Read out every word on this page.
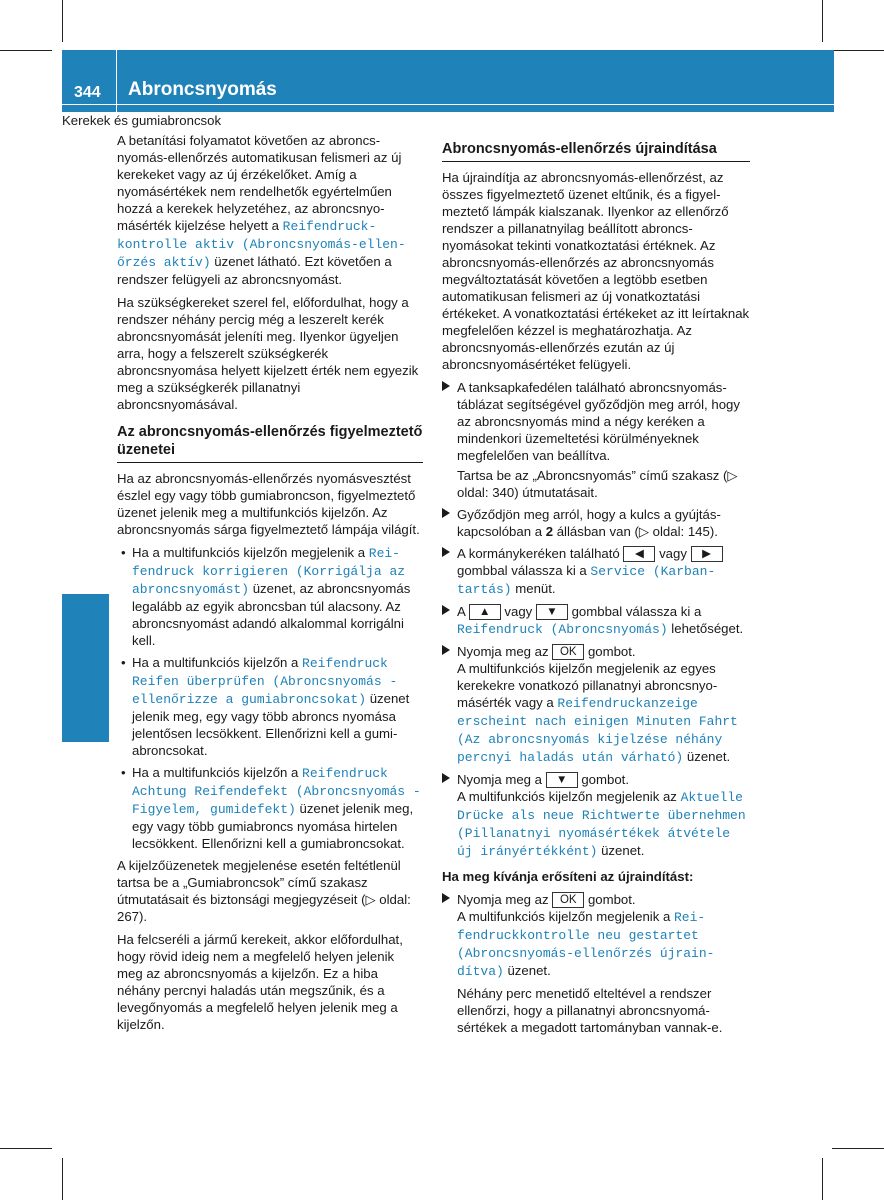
344 Abroncsnyomás
Kerekek és gumiabroncsok

A betanítási folyamatot követően az abroncsnyomás-ellenőrzés automatikusan felismeri az új kerekeket vagy az új érzékelőket. Amíg a nyomásértékek nem rendelhetők egyértelműen hozzá a kerekek helyzetéhez, az abroncsnyomásérték kijelzése helyett a Reifendruckkontrolle aktiv (Abroncsnyomás-ellenőrzés aktív) üzenet látható. Ezt követően a rendszer felügyeli az abroncsnyomást.

Ha szükségkereket szerel fel, előfordulhat, hogy a rendszer néhány percig még a leszerelt kerék abroncsnyomását jeleníti meg. Ilyenkor ügyeljen arra, hogy a felszerelt szükségkerék abroncsnyomása helyett kijelzett érték nem egyezik meg a szükségkerék pillanatnyi abroncsnyomásával.

Az abroncsnyomás-ellenőrzés figyelmeztető üzenetei

Ha az abroncsnyomás-ellenőrzés nyomásvesztést észlel egy vagy több gumiabroncson, figyelmeztető üzenet jelenik meg a multifunkciós kijelzőn. Az abroncsnyomás sárga figyelmeztető lámpája világít.

• Ha a multifunkciós kijelzőn megjelenik a Reifendruck korrigieren (Korrigálja az abroncsnyomást) üzenet, az abroncsnyomás legalább az egyik abroncsban túl alacsony. Az abroncsnyomást adandó alkalommal korrigálni kell.
• Ha a multifunkciós kijelzőn a Reifendruck Reifen überprüfen (Abroncsnyomás - ellenőrizze a gumiabroncsokat) üzenet jelenik meg, egy vagy több abroncs nyomása jelentősen lecsökkent. Ellenőrizni kell a gumiabroncsokat.
• Ha a multifunkciós kijelzőn a Reifendruck Achtung Reifendefekt (Abroncsnyomás - Figyelem, gumidefekt) üzenet jelenik meg, egy vagy több gumiabroncs nyomása hirtelen lecsökkent. Ellenőrizni kell a gumiabroncsokat.

A kijelzőüzenetek megjelenése esetén feltétlenül tartsa be a „Gumiabroncsok” című szakasz útmutatásait és biztonsági megjegyzéseit (▷ oldal: 267).

Ha felcseréli a jármű kerekeit, akkor előfordulhat, hogy rövid ideig nem a megfelelő helyen jelenik meg az abroncsnyomás a kijelzőn. Ez a hiba néhány percnyi haladás után megszűnik, és a levegőnyomás a megfelelő helyen jelenik meg a kijelzőn.

Abroncsnyomás-ellenőrzés újraindítása

Ha újraindítja az abroncsnyomás-ellenőrzést, az összes figyelmeztető üzenet eltűnik, és a figyelmeztető lámpák kialszanak. Ilyenkor az ellenőrző rendszer a pillanatnyilag beállított abroncsnyomásokat tekinti vonatkoztatási értéknek. Az abroncsnyomás-ellenőrzés az abroncsnyomás megváltoztatását követően a legtöbb esetben automatikusan felismeri az új vonatkoztatási értékeket. A vonatkoztatási értékeket az itt leírtaknak megfelelően kézzel is meghatározhatja. Az abroncsnyomás-ellenőrzés ezután az új abroncsnyomásértéket felügyeli.

A tanksapkafedélen található abroncsnyomás-táblázat segítségével győződjön meg arról, hogy az abroncsnyomás mind a négy keréken a mindenkori üzemeltetési körülményeknek megfelelően van beállítva.
Tartsa be az „Abroncsnyomás” című szakasz (▷ oldal: 340) útmutatásait.
Győződjön meg arról, hogy a kulcs a gyújtáskapcsolóban a 2 állásban van (▷ oldal: 145).
A kormánykeréken található ◀ vagy ▶ gombbal válassza ki a Service (Karbantartás) menüt.
A ▲ vagy ▼ gombbal válassza ki a Reifendruck (Abroncsnyomás) lehetőséget.
Nyomja meg az OK gombot.
A multifunkciós kijelzőn megjelenik az egyes kerekekre vonatkozó pillanatnyi abroncsnyomásérték vagy a Reifendruckanzeige erscheint nach einigen Minuten Fahrt (Az abroncsnyomás kijelzése néhány percnyi haladás után várható) üzenet.
Nyomja meg a ▼ gombot.
A multifunkciós kijelzőn megjelenik az Aktuelle Drücke als neue Richtwerte übernehmen (Pillanatnyi nyomásértékek átvétele új irányértékként) üzenet.
Ha meg kívánja erősíteni az újraindítást:
Nyomja meg az OK gombot.
A multifunkciós kijelzőn megjelenik a Reifendruckkontrolle neu gestartet (Abroncsnyomás-ellenőrzés újraindítva) üzenet.
Néhány perc menetidő elteltével a rendszer ellenőrzi, hogy a pillanatnyi abroncsnyomásértékek a megadott tartományban vannak-e.
